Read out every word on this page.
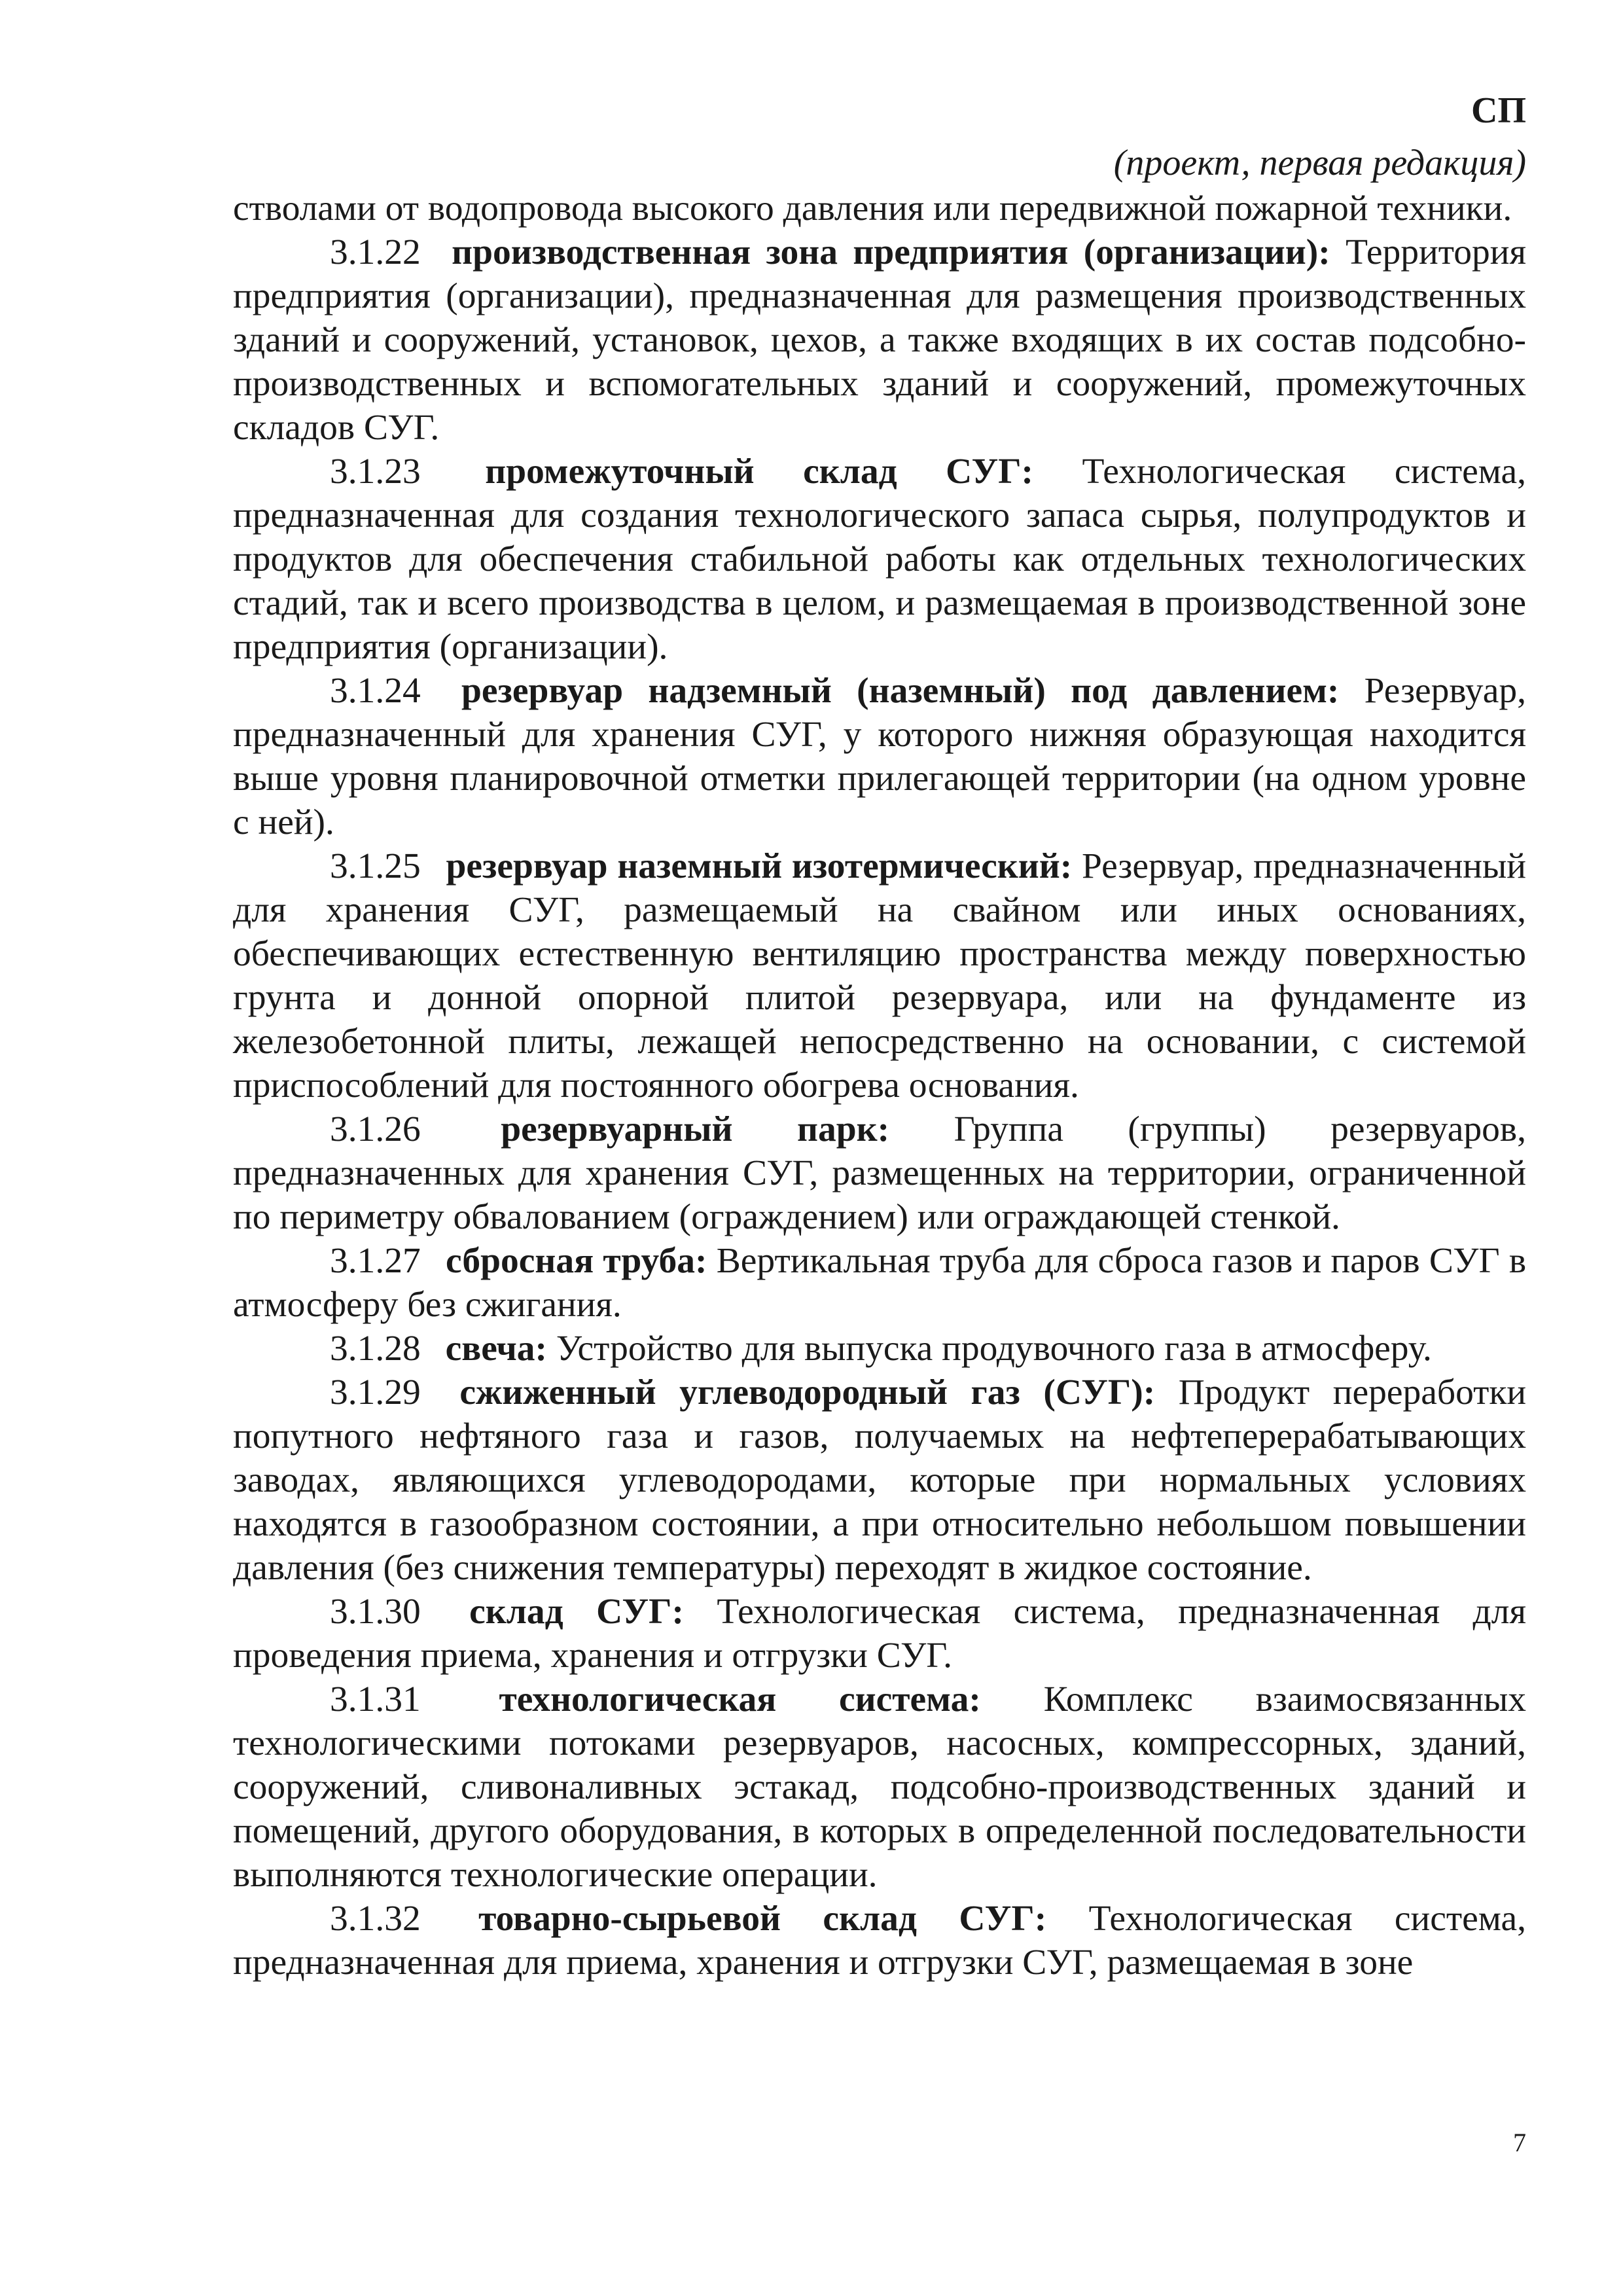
СП
(проект, первая редакция)

стволами от водопровода высокого давления или передвижной пожарной техники.

3.1.22 производственная зона предприятия (организации): Территория предприятия (организации), предназначенная для размещения производственных зданий и сооружений, установок, цехов, а также входящих в их состав подсобно-производственных и вспомогательных зданий и сооружений, промежуточных складов СУГ.

3.1.23 промежуточный склад СУГ: Технологическая система, предназначенная для создания технологического запаса сырья, полупродуктов и продуктов для обеспечения стабильной работы как отдельных технологических стадий, так и всего производства в целом, и размещаемая в производственной зоне предприятия (организации).

3.1.24 резервуар надземный (наземный) под давлением: Резервуар, предназначенный для хранения СУГ, у которого нижняя образующая находится выше уровня планировочной отметки прилегающей территории (на одном уровне с ней).

3.1.25 резервуар наземный изотермический: Резервуар, предназначенный для хранения СУГ, размещаемый на свайном или иных основаниях, обеспечивающих естественную вентиляцию пространства между поверхностью грунта и донной опорной плитой резервуара, или на фундаменте из железобетонной плиты, лежащей непосредственно на основании, с системой приспособлений для постоянного обогрева основания.

3.1.26 резервуарный парк: Группа (группы) резервуаров, предназначенных для хранения СУГ, размещенных на территории, ограниченной по периметру обвалованием (ограждением) или ограждающей стенкой.

3.1.27 сбросная труба: Вертикальная труба для сброса газов и паров СУГ в атмосферу без сжигания.

3.1.28 свеча: Устройство для выпуска продувочного газа в атмосферу.

3.1.29 сжиженный углеводородный газ (СУГ): Продукт переработки попутного нефтяного газа и газов, получаемых на нефтеперерабатывающих заводах, являющихся углеводородами, которые при нормальных условиях находятся в газообразном состоянии, а при относительно небольшом повышении давления (без снижения температуры) переходят в жидкое состояние.

3.1.30 склад СУГ: Технологическая система, предназначенная для проведения приема, хранения и отгрузки СУГ.

3.1.31 технологическая система: Комплекс взаимосвязанных технологическими потоками резервуаров, насосных, компрессорных, зданий, сооружений, сливоналивных эстакад, подсобно-производственных зданий и помещений, другого оборудования, в которых в определенной последовательности выполняются технологические операции.

3.1.32 товарно-сырьевой склад СУГ: Технологическая система, предназначенная для приема, хранения и отгрузки СУГ, размещаемая в зоне

7
